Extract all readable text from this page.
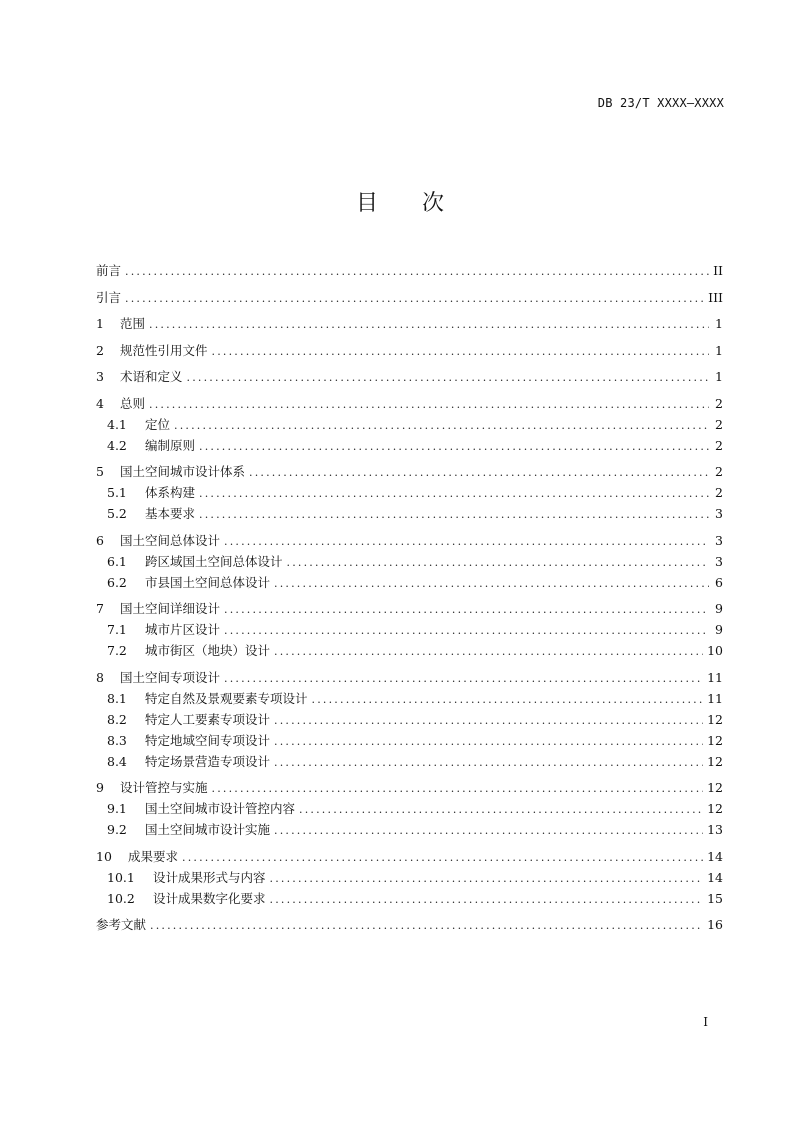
DB 23/T XXXX—XXXX
目　　次
前言 .....	II
引言 .....	III
1 范围 .....	1
2 规范性引用文件 .....	1
3 术语和定义 .....	1
4 总则 .....	2
4.1 定位 .....	2
4.2 编制原则 .....	2
5 国土空间城市设计体系 .....	2
5.1 体系构建 .....	2
5.2 基本要求 .....	3
6 国土空间总体设计 .....	3
6.1 跨区域国土空间总体设计 .....	3
6.2 市县国土空间总体设计 .....	6
7 国土空间详细设计 .....	9
7.1 城市片区设计 .....	9
7.2 城市街区（地块）设计 .....	10
8 国土空间专项设计 .....	11
8.1 特定自然及景观要素专项设计 .....	11
8.2 特定人工要素专项设计 .....	12
8.3 特定地域空间专项设计 .....	12
8.4 特定场景营造专项设计 .....	12
9 设计管控与实施 .....	12
9.1 国土空间城市设计管控内容 .....	12
9.2 国土空间城市设计实施 .....	13
10 成果要求 .....	14
10.1 设计成果形式与内容 .....	14
10.2 设计成果数字化要求 .....	15
参考文献 .....	16
I
